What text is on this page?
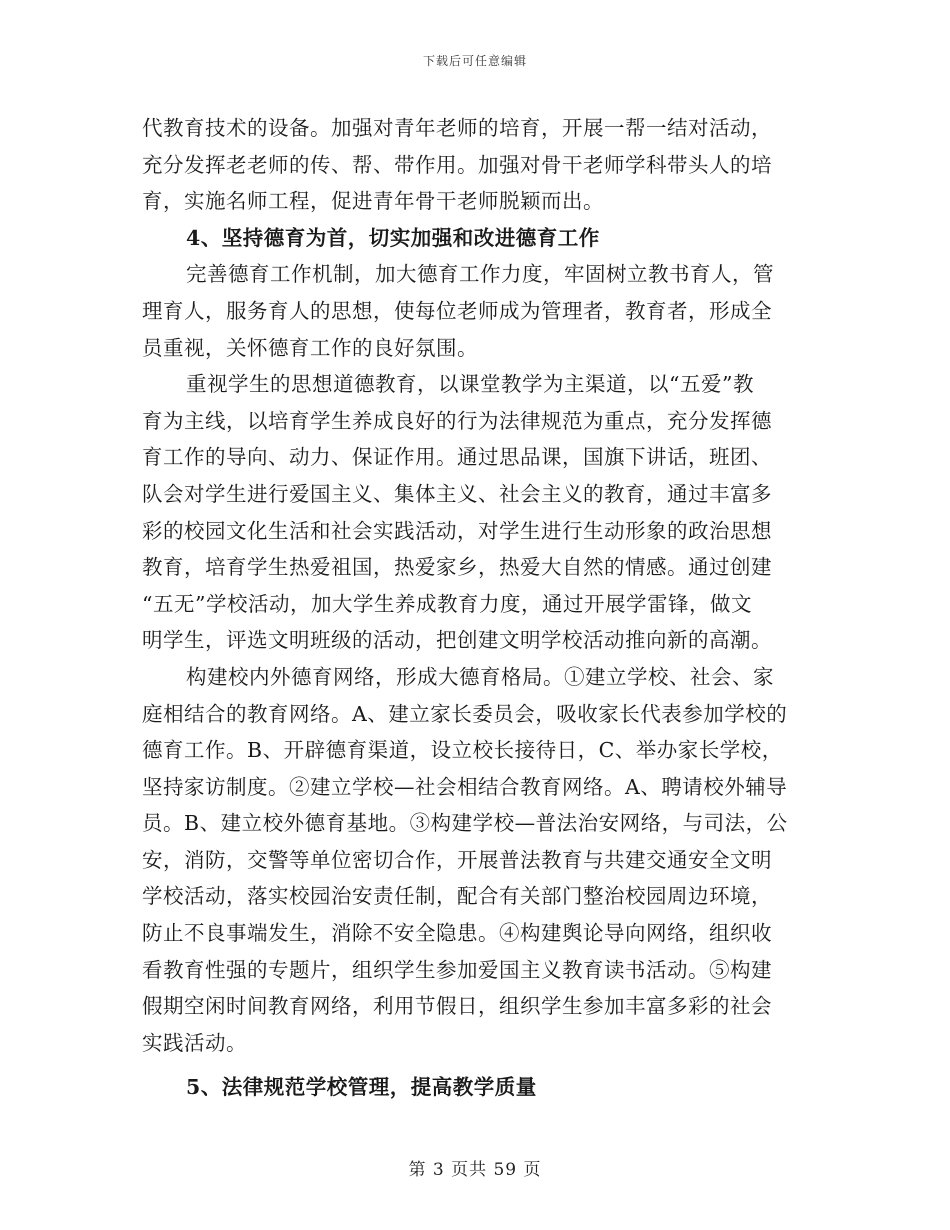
下载后可任意编辑
代教育技术的设备。加强对青年老师的培育，开展一帮一结对活动，
充分发挥老老师的传、帮、带作用。加强对骨干老师学科带头人的培
育，实施名师工程，促进青年骨干老师脱颖而出。
4、坚持德育为首，切实加强和改进德育工作
完善德育工作机制，加大德育工作力度，牢固树立教书育人，管
理育人，服务育人的思想，使每位老师成为管理者，教育者，形成全
员重视，关怀德育工作的良好氛围。
重视学生的思想道德教育，以课堂教学为主渠道，以“五爱”教
育为主线，以培育学生养成良好的行为法律规范为重点，充分发挥德
育工作的导向、动力、保证作用。通过思品课，国旗下讲话，班团、
队会对学生进行爱国主义、集体主义、社会主义的教育，通过丰富多
彩的校园文化生活和社会实践活动，对学生进行生动形象的政治思想
教育，培育学生热爱祖国，热爱家乡，热爱大自然的情感。通过创建
“五无”学校活动，加大学生养成教育力度，通过开展学雷锋，做文
明学生，评选文明班级的活动，把创建文明学校活动推向新的高潮。
构建校内外德育网络，形成大德育格局。①建立学校、社会、家
庭相结合的教育网络。A、建立家长委员会，吸收家长代表参加学校的
德育工作。B、开辟德育渠道，设立校长接待日，C、举办家长学校，
坚持家访制度。②建立学校—社会相结合教育网络。A、聘请校外辅导
员。B、建立校外德育基地。③构建学校—普法治安网络，与司法，公
安，消防，交警等单位密切合作，开展普法教育与共建交通安全文明
学校活动，落实校园治安责任制，配合有关部门整治校园周边环境，
防止不良事端发生，消除不安全隐患。④构建舆论导向网络，组织收
看教育性强的专题片，组织学生参加爱国主义教育读书活动。⑤构建
假期空闲时间教育网络，利用节假日，组织学生参加丰富多彩的社会
实践活动。
5、法律规范学校管理，提高教学质量
第 3 页共 59 页
